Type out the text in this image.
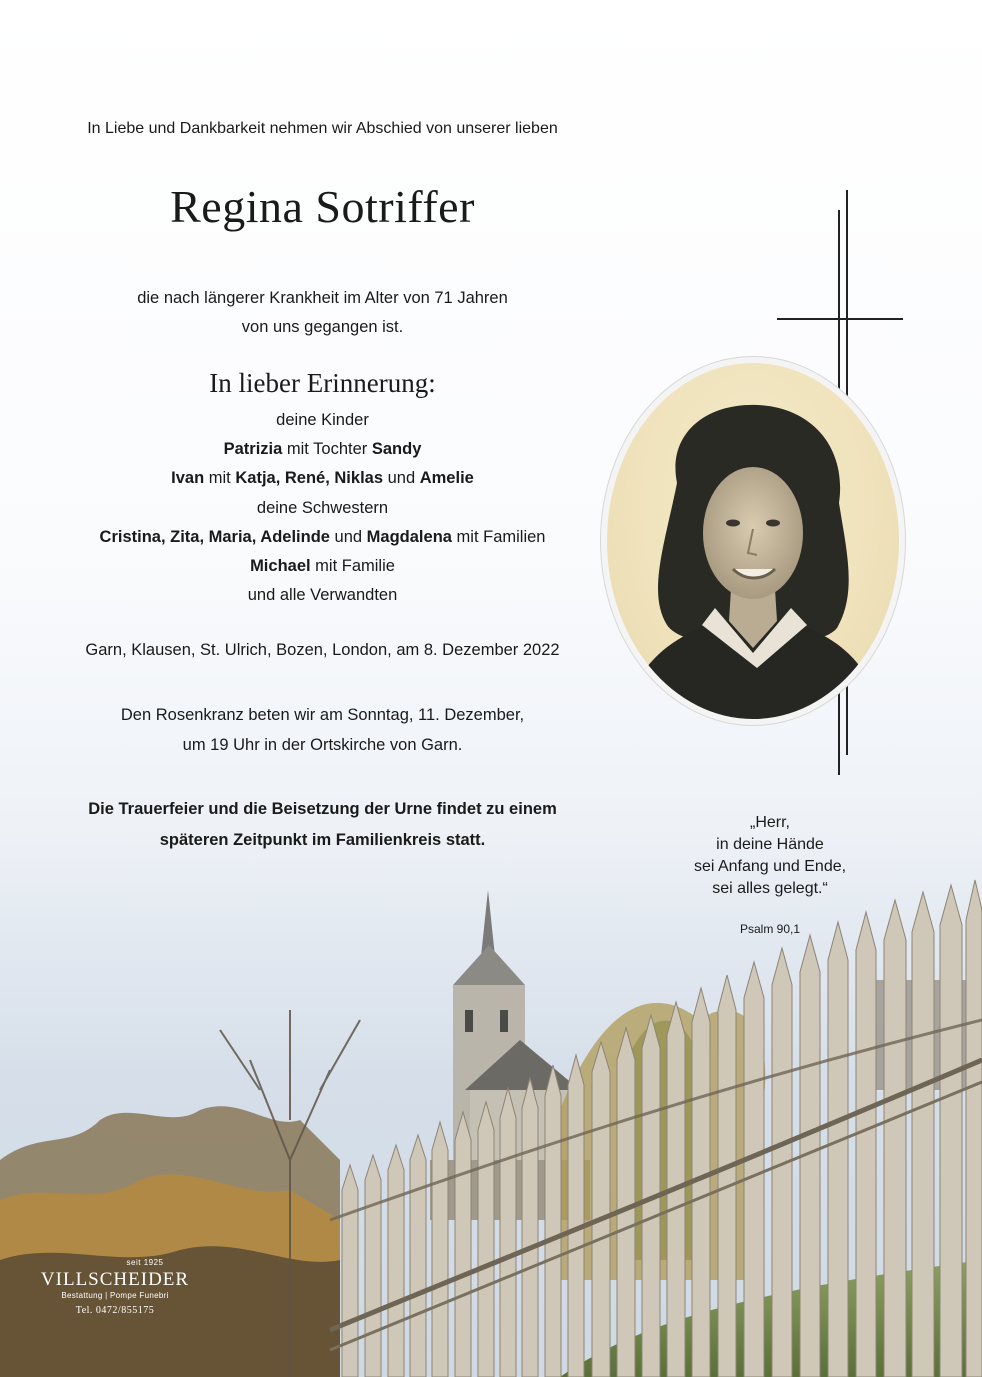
In Liebe und Dankbarkeit nehmen wir Abschied von unserer lieben
Regina Sotriffer
die nach längerer Krankheit im Alter von 71 Jahren
von uns gegangen ist.
In lieber Erinnerung:
deine Kinder
Patrizia mit Tochter Sandy
Ivan mit Katja, René, Niklas und Amelie
deine Schwestern
Cristina, Zita, Maria, Adelinde und Magdalena mit Familien
Michael mit Familie
und alle Verwandten
Garn, Klausen, St. Ulrich, Bozen, London, am 8. Dezember 2022
Den Rosenkranz beten wir am Sonntag, 11. Dezember,
um 19 Uhr in der Ortskirche von Garn.
Die Trauerfeier und die Beisetzung der Urne findet zu einem
späteren Zeitpunkt im Familienkreis statt.
„Herr,
in deine Hände
sei Anfang und Ende,
sei alles gelegt.“
Psalm 90,1
seit 1925
VILLSCHEIDER
Bestattung | Pompe Funebri
Tel. 0472/855175
